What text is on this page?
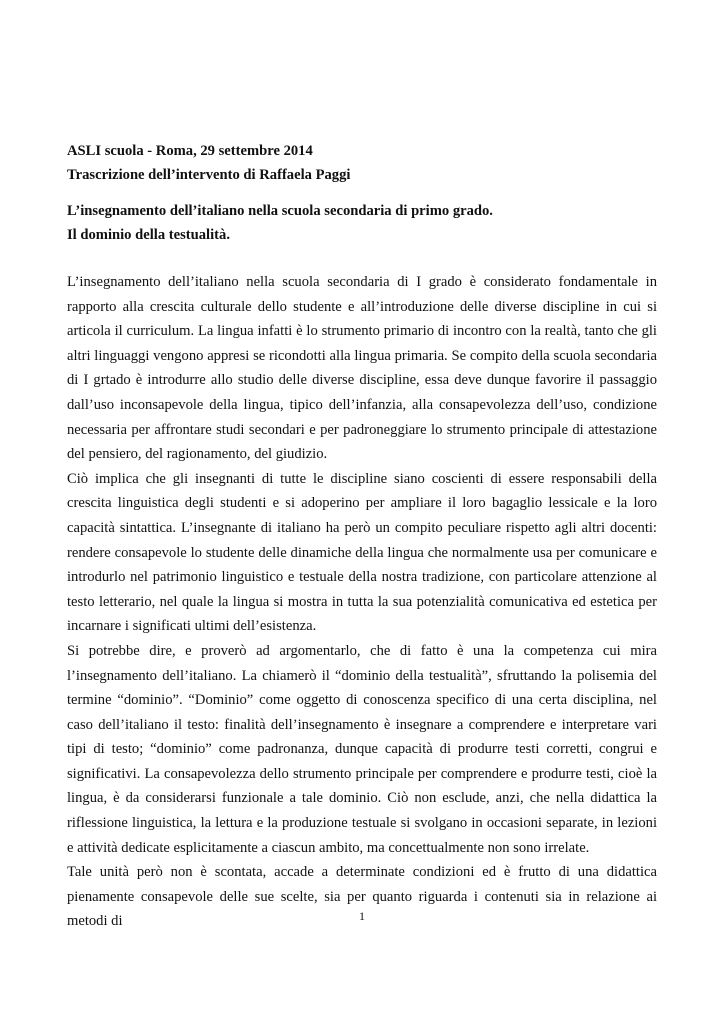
ASLI scuola - Roma, 29 settembre 2014

Trascrizione dell’intervento di Raffaela Paggi

L’insegnamento dell’italiano nella scuola secondaria di primo grado.

Il dominio della testualità.

L’insegnamento dell’italiano nella scuola secondaria di I grado è considerato fondamentale in rapporto alla crescita culturale dello studente e all’introduzione delle diverse discipline in cui si articola il curriculum. La lingua infatti è lo strumento primario di incontro con la realtà, tanto che gli altri linguaggi vengono appresi se ricondotti alla lingua primaria. Se compito della scuola secondaria di I grtado è introdurre allo studio delle diverse discipline, essa deve dunque favorire il passaggio dall’uso inconsapevole della lingua, tipico dell’infanzia, alla consapevolezza dell’uso, condizione necessaria per affrontare studi secondari e per padroneggiare lo strumento principale di attestazione del pensiero, del ragionamento, del giudizio.

Ciò implica che gli insegnanti di tutte le discipline siano coscienti di essere responsabili della crescita linguistica degli studenti e si adoperino per ampliare il loro bagaglio lessicale e la loro capacità sintattica. L’insegnante di italiano ha però un compito peculiare rispetto agli altri docenti: rendere consapevole lo studente delle dinamiche della lingua che normalmente usa per comunicare e introdurlo nel patrimonio linguistico e testuale della nostra tradizione, con particolare attenzione al testo letterario, nel quale la lingua si mostra in tutta la sua potenzialità comunicativa ed estetica per incarnare i significati ultimi dell’esistenza.

Si potrebbe dire, e proverò ad argomentarlo, che di fatto è una la competenza cui mira l’insegnamento dell’italiano. La chiamerò il “dominio della testualità”, sfruttando la polisemia del termine “dominio”. “Dominio” come oggetto di conoscenza specifico di una certa disciplina, nel caso dell’italiano il testo: finalità dell’insegnamento è insegnare a comprendere e interpretare vari tipi di testo; “dominio” come padronanza, dunque capacità di produrre testi corretti, congrui e significativi. La consapevolezza dello strumento principale per comprendere e produrre testi, cioè la lingua, è da considerarsi funzionale a tale dominio. Ciò non esclude, anzi, che nella didattica la riflessione linguistica, la lettura e la produzione testuale si svolgano in occasioni separate, in lezioni e attività dedicate esplicitamente a ciascun ambito, ma concettualmente non sono irrelate.

Tale unità però non è scontata, accade a determinate condizioni ed è frutto di una didattica pienamente consapevole delle sue scelte, sia per quanto riguarda i contenuti sia in relazione ai metodi di	1
